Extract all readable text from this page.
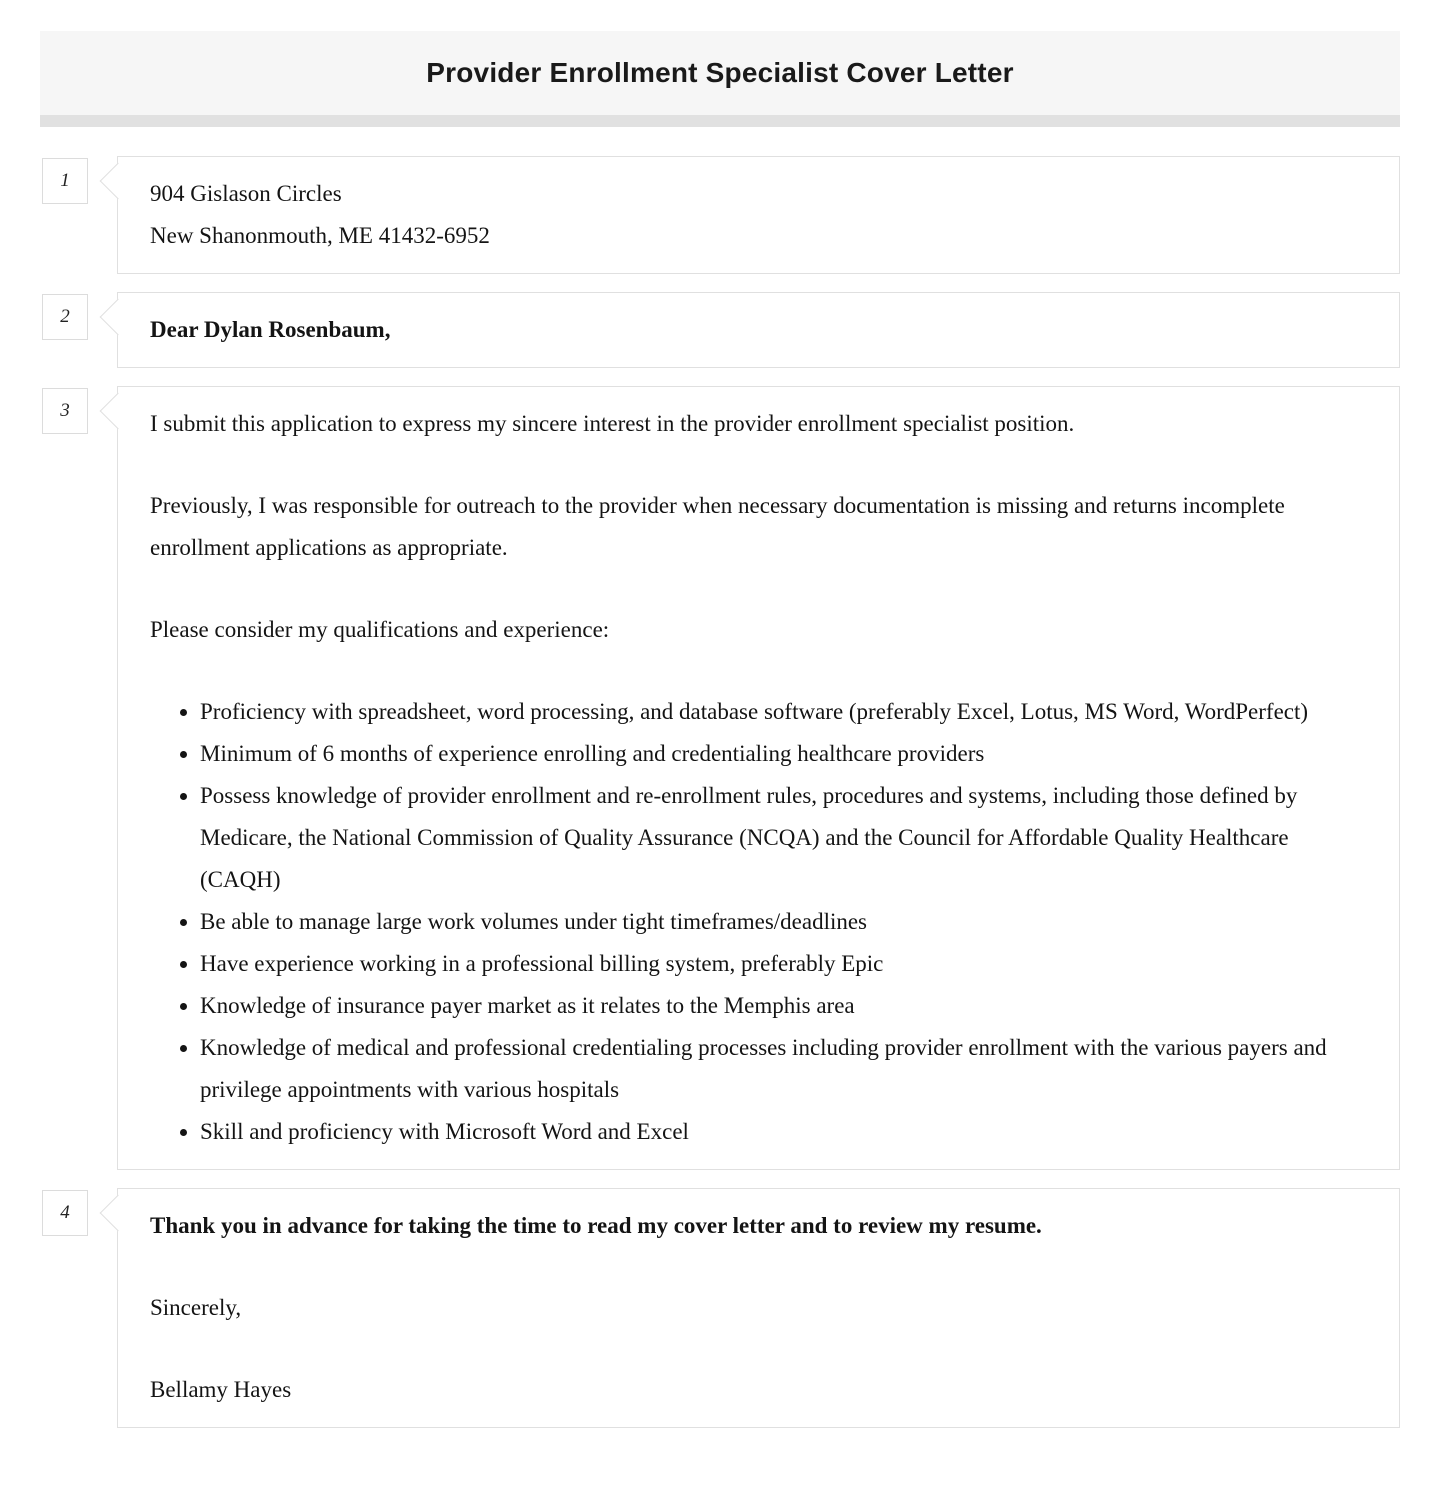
Provider Enrollment Specialist Cover Letter
1
904 Gislason Circles
New Shanonmouth, ME 41432-6952
2

Dear Dylan Rosenbaum,

3

I submit this application to express my sincere interest in the provider enrollment specialist position.

Previously, I was responsible for outreach to the provider when necessary documentation is missing and returns incomplete enrollment applications as appropriate.

Please consider my qualifications and experience:

• Proficiency with spreadsheet, word processing, and database software (preferably Excel, Lotus, MS Word, WordPerfect)
• Minimum of 6 months of experience enrolling and credentialing healthcare providers
• Possess knowledge of provider enrollment and re-enrollment rules, procedures and systems, including those defined by Medicare, the National Commission of Quality Assurance (NCQA) and the Council for Affordable Quality Healthcare (CAQH)
• Be able to manage large work volumes under tight timeframes/deadlines
• Have experience working in a professional billing system, preferably Epic
• Knowledge of insurance payer market as it relates to the Memphis area
• Knowledge of medical and professional credentialing processes including provider enrollment with the various payers and privilege appointments with various hospitals
• Skill and proficiency with Microsoft Word and Excel
4

Thank you in advance for taking the time to read my cover letter and to review my resume.

Sincerely,

Bellamy Hayes
